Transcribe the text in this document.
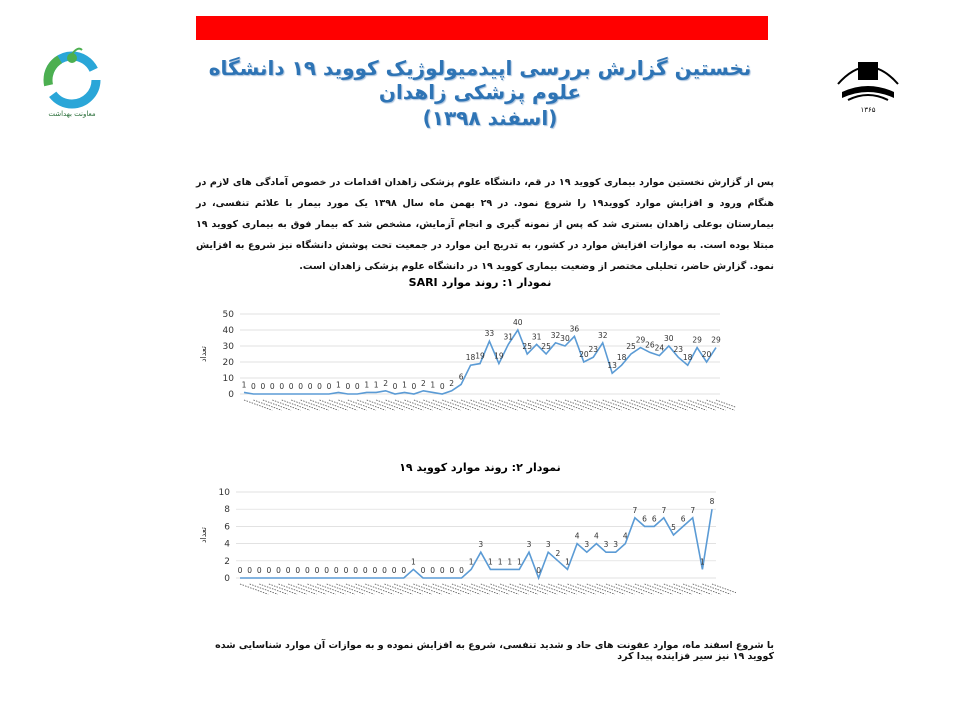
معاونت بهداشت	۱۳۶۵
نخستین گزارش بررسی اپیدمیولوژیک کووید ۱۹ دانشگاه علوم پزشکی زاهدان
(اسفند ۱۳۹۸)
پس از گزارش نخستین موارد بیماری کووید ۱۹ در قم، دانشگاه علوم پزشکی زاهدان اقدامات در خصوص آمادگی های لازم در هنگام ورود و افزایش موارد کووید۱۹ را شروع نمود. در ۲۹ بهمن ماه سال ۱۳۹۸ یک مورد بیمار با علائم تنفسی، در بیمارستان بوعلی زاهدان بستری شد که پس از نمونه گیری و انجام آزمایش، مشخص شد که بیمار فوق به بیماری کووید ۱۹ مبتلا بوده است. به موازات افزایش موارد در کشور، به تدریج این موارد در جمعیت تحت پوشش دانشگاه نیز شروع به افزایش نمود. گزارش حاضر، تحلیلی مختصر از وضعیت بیماری کووید ۱۹ در دانشگاه علوم پزشکی زاهدان است.
نمودار ۱: روند موارد SARI
0
10
20
30
40
50
تعداد
1 0 0 0 0 0 0 0 0 0 1 0 0 1 1 2 0 1 0 2 1 0 2
6
18 19
33
19
31
40
25
31
25
32 30
36
20
23
32
13
18
25
29
26 24
30
23
18
29
20
29
نمودار ۲: روند موارد کووید ۱۹
0
2
4
6
8
10
تعداد
0 0 0 0 0 0 0 0 0 0 0 0 0 0 0 0 0 0
1
0 0 0 0 0
1
3
1 1 1 1
3
0
3
2
1
4
3
4
3 3
4
7
6 6
7
5
6
7
1
8
با شروع اسفند ماه، موارد عفونت های حاد و شدید تنفسی، شروع به افزایش نموده و به موازات آن موارد شناسایی شده کووید ۱۹ نیز سیر فزاینده پیدا کرد
